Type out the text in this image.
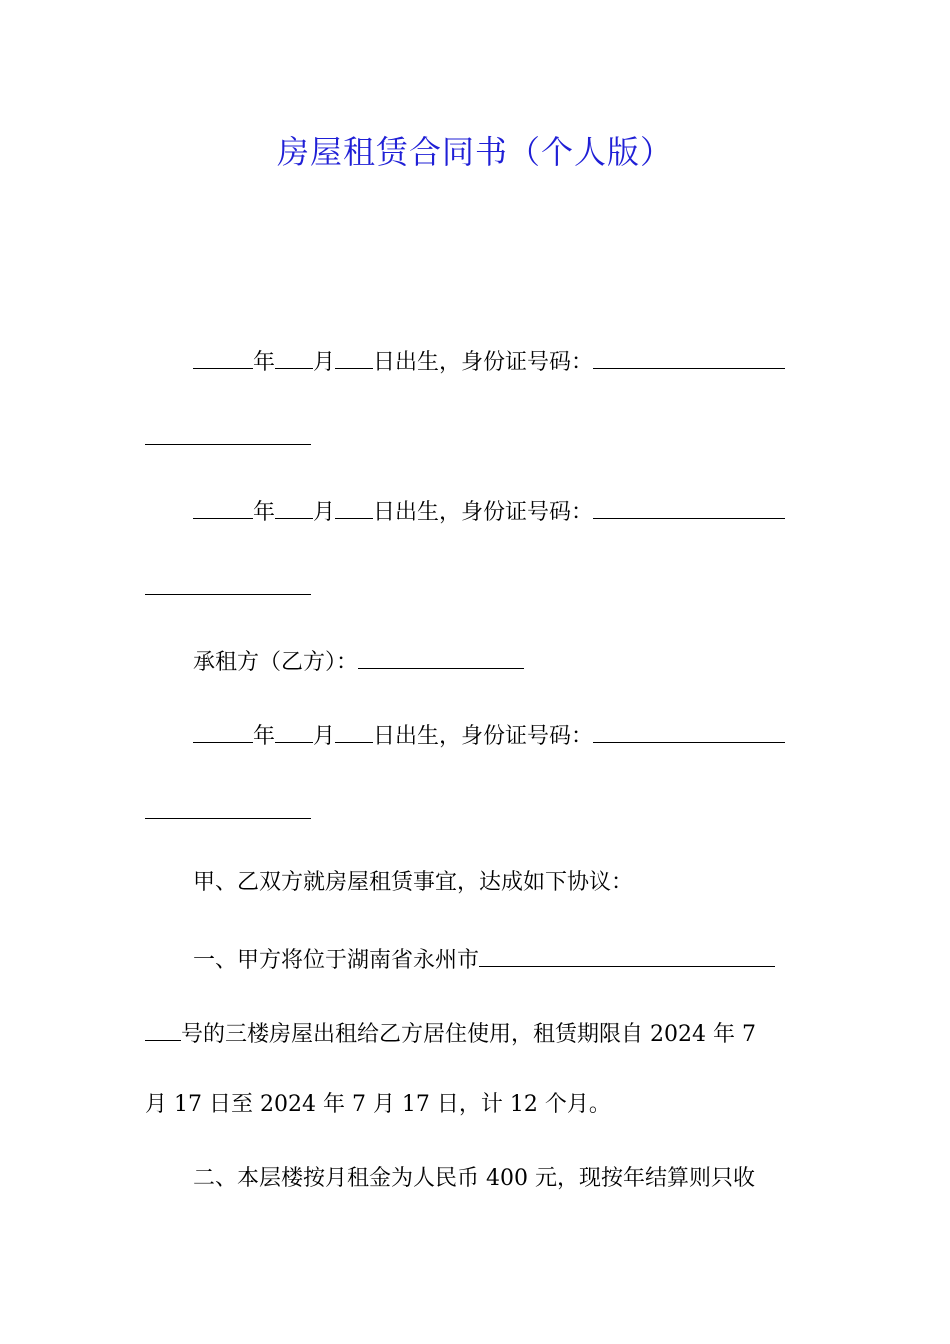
房屋租赁合同书（个人版）
年 月 日出生，身份证号码：
年 月 日出生，身份证号码：
承租方（乙方）：
年 月 日出生，身份证号码：
甲、乙双方就房屋租赁事宜，达成如下协议：
一、甲方将位于湖南省永州市
号的三楼房屋出租给乙方居住使用，租赁期限自 2024 年 7
月 17 日至 2024 年 7 月 17 日，计 12 个月。
二、本层楼按月租金为人民币 400 元，现按年结算则只收
